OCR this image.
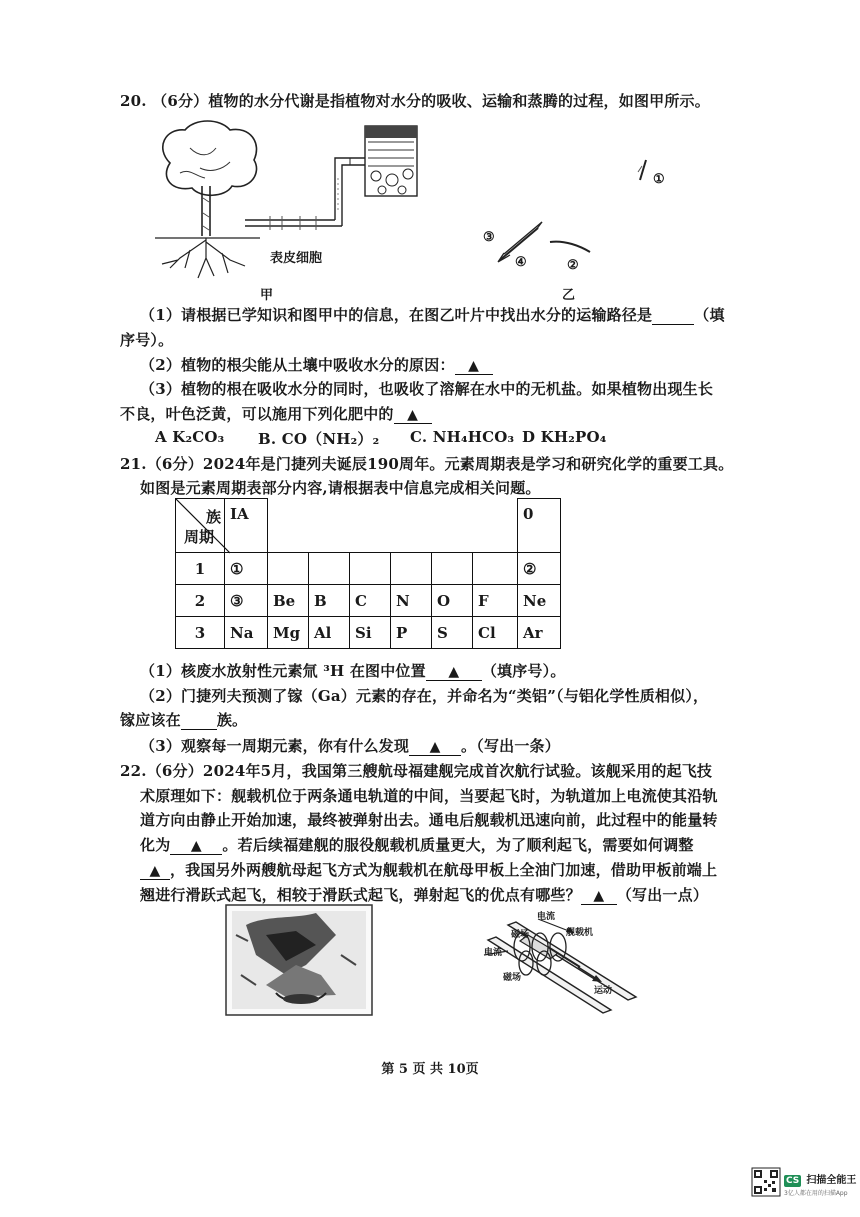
20. （6分）植物的水分代谢是指植物对水分的吸收、运输和蒸腾的过程，如图甲所示。
表皮细胞
甲
①
③
④	②
乙
（1）请根据已学知识和图甲中的信息，在图乙叶片中找出水分的运输路径是	（填
序号）。
（2）植物的根尖能从土壤中吸收水分的原因： ▲
（3）植物的根在吸收水分的同时，也吸收了溶解在水中的无机盐。如果植物出现生长
不良，叶色泛黄，可以施用下列化肥中的 ▲
A K₂CO₃ B. CO（NH₂）₂ C. NH₄HCO₃ D KH₂PO₄
21.（6分）2024年是门捷列夫诞辰190周年。元素周期表是学习和研究化学的重要工具。
如图是元素周期表部分内容,请根据表中信息完成相关问题。
族
周期	IA							0
1	①							②
2	③	Be	B	C	N	O	F	Ne
3	Na	Mg	Al	Si	P	S	Cl	Ar
（1）核废水放射性元素氚 ³H 在图中位置 ▲ （填序号）。
（2）门捷列夫预测了镓（Ga）元素的存在，并命名为“类铝”（与铝化学性质相似），
镓应该在 族。
（3）观察每一周期元素，你有什么发现 ▲ 。（写出一条）
22.（6分）2024年5月，我国第三艘航母福建舰完成首次航行试验。该舰采用的起飞技
术原理如下：舰载机位于两条通电轨道的中间，当要起飞时，为轨道加上电流使其沿轨
道方向由静止开始加速，最终被弹射出去。通电后舰载机迅速向前，此过程中的能量转
化为 ▲ 。若后续福建舰的服役舰载机质量更大，为了顺利起飞，需要如何调整
▲ ，我国另外两艘航母起飞方式为舰载机在航母甲板上全油门加速，借助甲板前端上
翘进行滑跃式起飞，相较于滑跃式起飞，弹射起飞的优点有哪些？ ▲ （写出一点）
电流
磁场	舰载机
电流
磁场
运动
第 5 页 共 10页
CS 扫描全能王
3亿人都在用的扫描App
